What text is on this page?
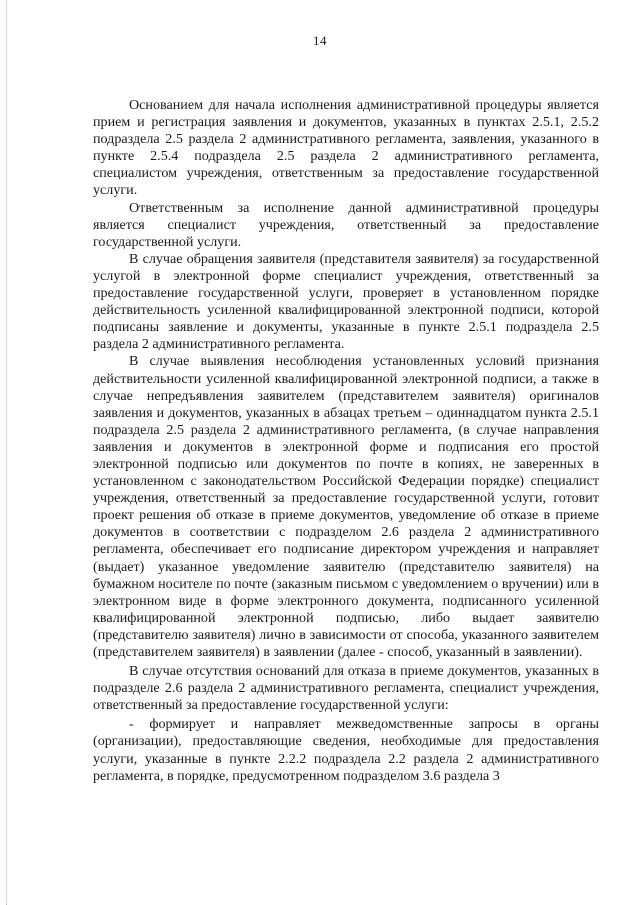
14

Основанием для начала исполнения административной процедуры является прием и регистрация заявления и документов, указанных в пунктах 2.5.1, 2.5.2 подраздела 2.5 раздела 2 административного регламента, заявления, указанного в пункте 2.5.4 подраздела 2.5 раздела 2 административного регламента, специалистом учреждения, ответственным за предоставление государственной услуги.

Ответственным за исполнение данной административной процедуры является специалист учреждения, ответственный за предоставление государственной услуги.

В случае обращения заявителя (представителя заявителя) за государственной услугой в электронной форме специалист учреждения, ответственный за предоставление государственной услуги, проверяет в установленном порядке действительность усиленной квалифицированной электронной подписи, которой подписаны заявление и документы, указанные в пункте 2.5.1 подраздела 2.5 раздела 2 административного регламента.

В случае выявления несоблюдения установленных условий признания действительности усиленной квалифицированной электронной подписи, а также в случае непредъявления заявителем (представителем заявителя) оригиналов заявления и документов, указанных в абзацах третьем – одиннадцатом пункта 2.5.1 подраздела 2.5 раздела 2 административного регламента, (в случае направления заявления и документов в электронной форме и подписания его простой электронной подписью или документов по почте в копиях, не заверенных в установленном с законодательством Российской Федерации порядке) специалист учреждения, ответственный за предоставление государственной услуги, готовит проект решения об отказе в приеме документов, уведомление об отказе в приеме документов в соответствии с подразделом 2.6 раздела 2 административного регламента, обеспечивает его подписание директором учреждения и направляет (выдает) указанное уведомление заявителю (представителю заявителя) на бумажном носителе по почте (заказным письмом с уведомлением о вручении) или в электронном виде в форме электронного документа, подписанного усиленной квалифицированной электронной подписью, либо выдает заявителю (представителю заявителя) лично в зависимости от способа, указанного заявителем (представителем заявителя) в заявлении (далее - способ, указанный в заявлении).

В случае отсутствия оснований для отказа в приеме документов, указанных в подразделе 2.6 раздела 2 административного регламента, специалист учреждения, ответственный за предоставление государственной услуги:

- формирует и направляет межведомственные запросы в органы (организации), предоставляющие сведения, необходимые для предоставления услуги, указанные в пункте 2.2.2 подраздела 2.2 раздела 2 административного регламента, в порядке, предусмотренном подразделом 3.6 раздела 3
